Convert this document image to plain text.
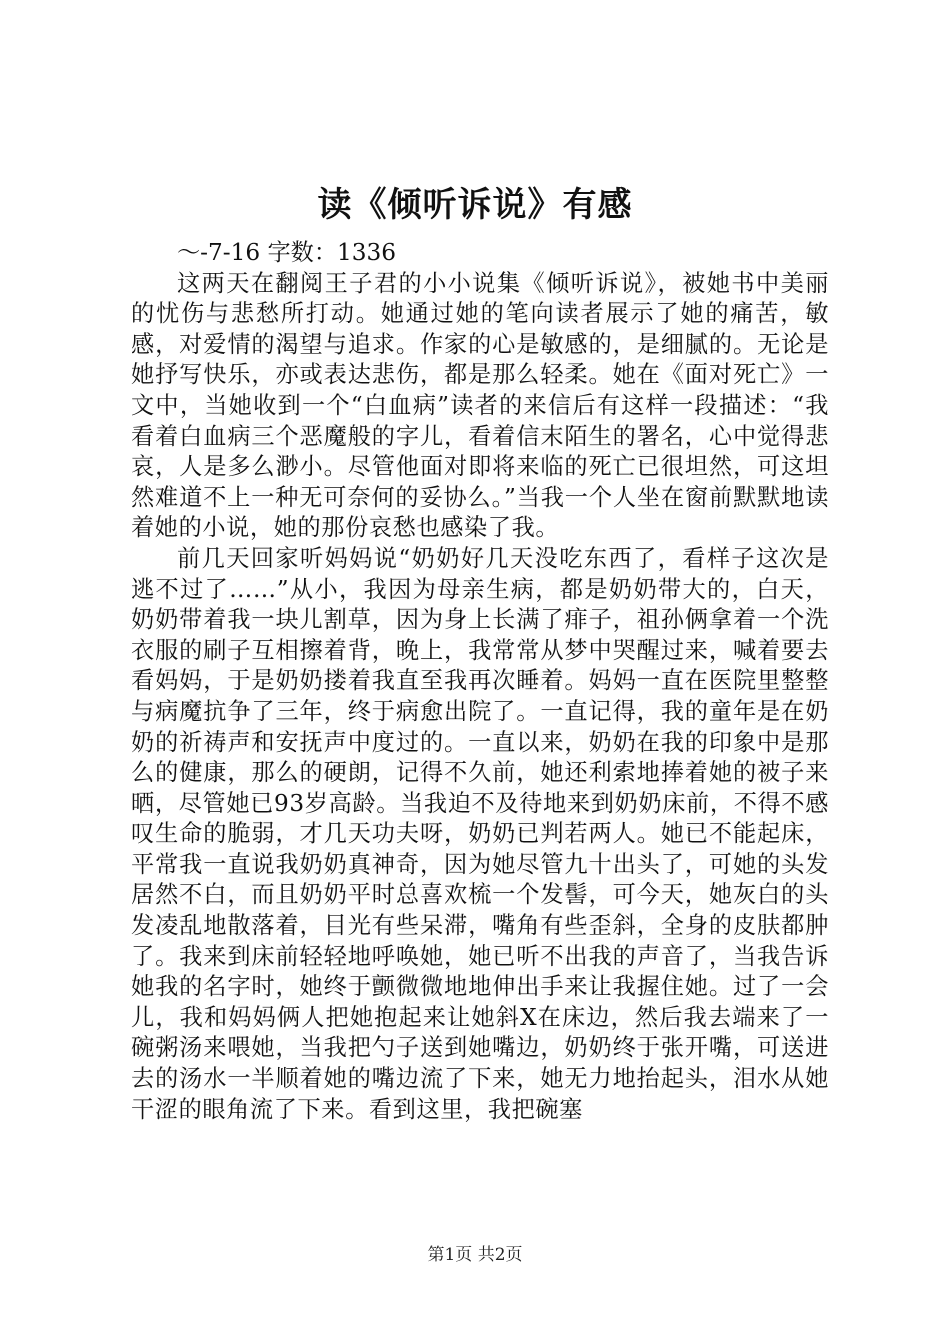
读《倾听诉说》有感

～-7-16 字数：1336

这两天在翻阅王子君的小小说集《倾听诉说》，被她书中美丽的忧伤与悲愁所打动。她通过她的笔向读者展示了她的痛苦，敏感，对爱情的渴望与追求。作家的心是敏感的，是细腻的。无论是她抒写快乐，亦或表达悲伤，都是那么轻柔。她在《面对死亡》一文中，当她收到一个“白血病”读者的来信后有这样一段描述：“我看着白血病三个恶魔般的字儿，看着信末陌生的署名，心中觉得悲哀，人是多么渺小。尽管他面对即将来临的死亡已很坦然，可这坦然难道不上一种无可奈何的妥协么。”当我一个人坐在窗前默默地读着她的小说，她的那份哀愁也感染了我。

前几天回家听妈妈说“奶奶好几天没吃东西了，看样子这次是逃不过了……”从小，我因为母亲生病，都是奶奶带大的，白天，奶奶带着我一块儿割草，因为身上长满了痱子，祖孙俩拿着一个洗衣服的刷子互相擦着背，晚上，我常常从梦中哭醒过来，喊着要去看妈妈，于是奶奶搂着我直至我再次睡着。妈妈一直在医院里整整与病魔抗争了三年，终于病愈出院了。一直记得，我的童年是在奶奶的祈祷声和安抚声中度过的。一直以来，奶奶在我的印象中是那么的健康，那么的硬朗，记得不久前，她还利索地捧着她的被子来晒，尽管她已93岁高龄。当我迫不及待地来到奶奶床前，不得不感叹生命的脆弱，才几天功夫呀，奶奶已判若两人。她已不能起床，平常我一直说我奶奶真神奇，因为她尽管九十出头了，可她的头发居然不白，而且奶奶平时总喜欢梳一个发髻，可今天，她灰白的头发凌乱地散落着，目光有些呆滞，嘴角有些歪斜，全身的皮肤都肿了。我来到床前轻轻地呼唤她，她已听不出我的声音了，当我告诉她我的名字时，她终于颤微微地地伸出手来让我握住她。过了一会儿，我和妈妈俩人把她抱起来让她斜X在床边，然后我去端来了一碗粥汤来喂她，当我把勺子送到她嘴边，奶奶终于张开嘴，可送进去的汤水一半顺着她的嘴边流了下来，她无力地抬起头，泪水从她干涩的眼角流了下来。看到这里，我把碗塞

第1页 共2页
